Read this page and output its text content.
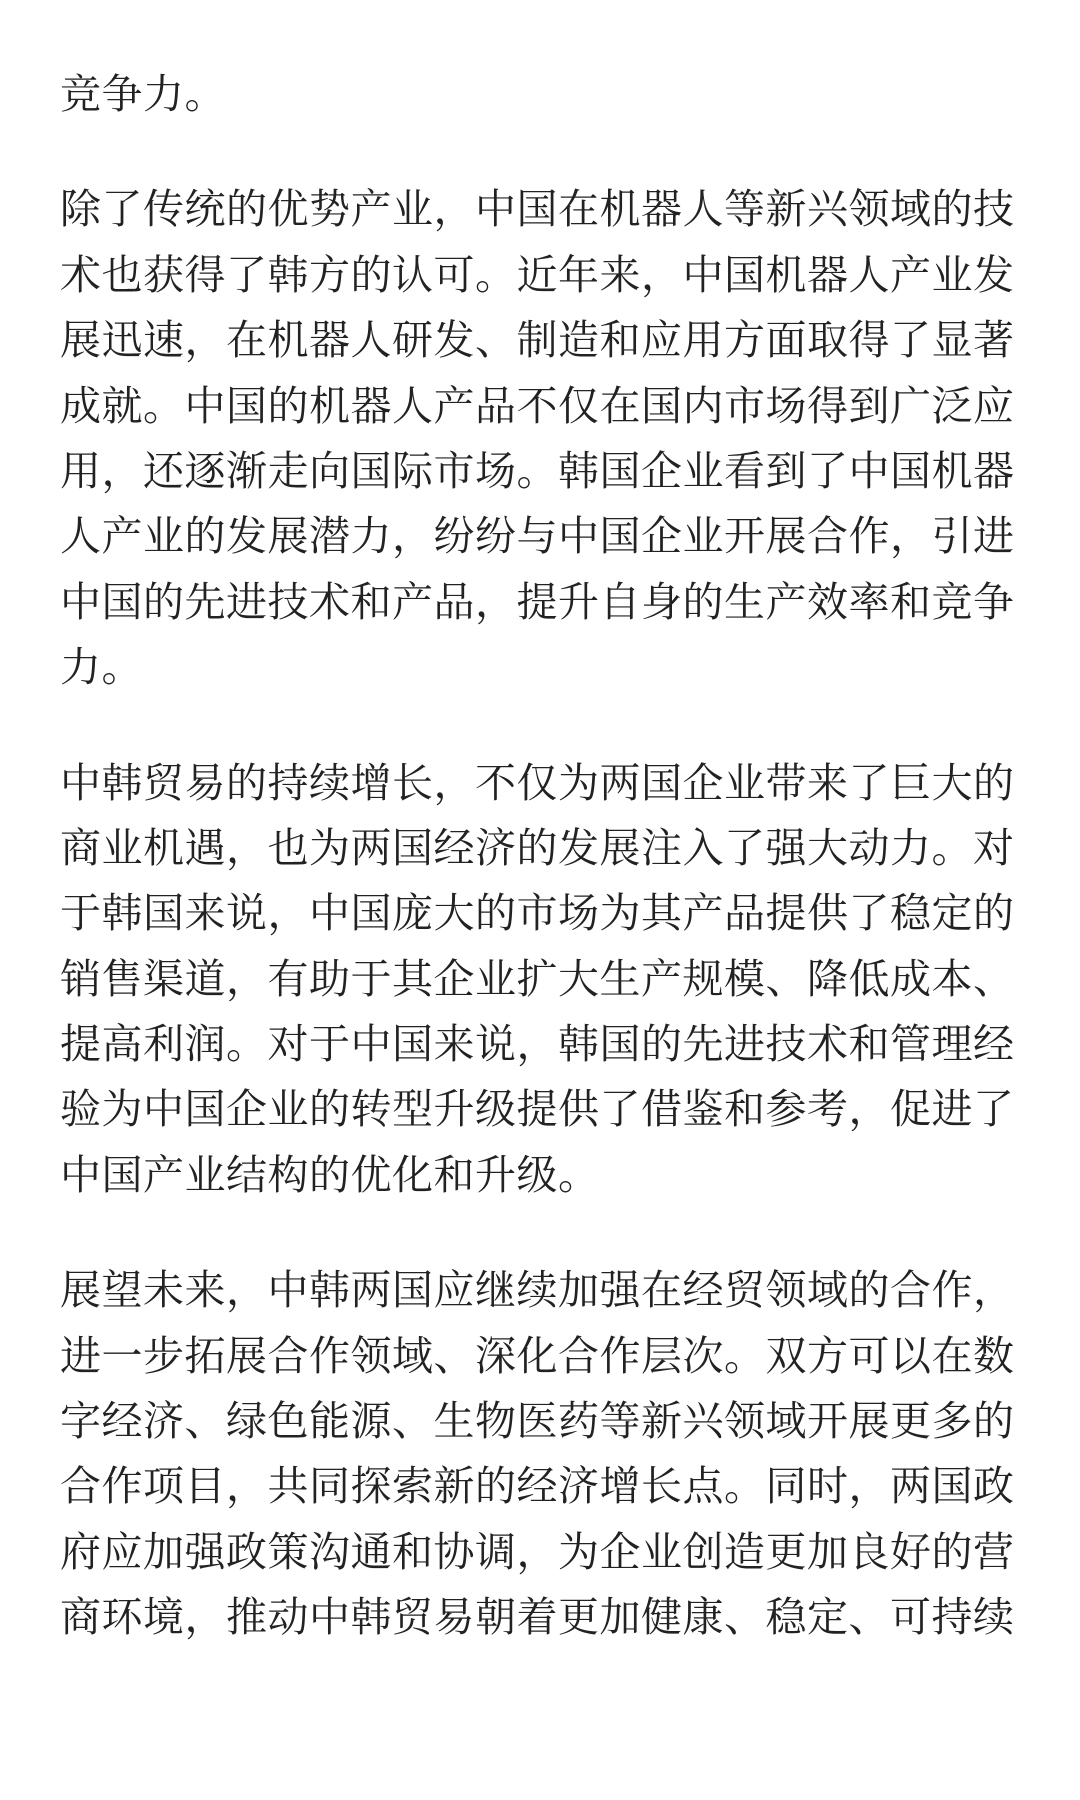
竞争力。

除了传统的优势产业，中国在机器人等新兴领域的技术也获得了韩方的认可。近年来，中国机器人产业发展迅速，在机器人研发、制造和应用方面取得了显著成就。中国的机器人产品不仅在国内市场得到广泛应用，还逐渐走向国际市场。韩国企业看到了中国机器人产业的发展潜力，纷纷与中国企业开展合作，引进中国的先进技术和产品，提升自身的生产效率和竞争力。

中韩贸易的持续增长，不仅为两国企业带来了巨大的商业机遇，也为两国经济的发展注入了强大动力。对于韩国来说，中国庞大的市场为其产品提供了稳定的销售渠道，有助于其企业扩大生产规模、降低成本、提高利润。对于中国来说，韩国的先进技术和管理经验为中国企业的转型升级提供了借鉴和参考，促进了中国产业结构的优化和升级。

展望未来，中韩两国应继续加强在经贸领域的合作，进一步拓展合作领域、深化合作层次。双方可以在数字经济、绿色能源、生物医药等新兴领域开展更多的合作项目，共同探索新的经济增长点。同时，两国政府应加强政策沟通和协调，为企业创造更加良好的营商环境，推动中韩贸易朝着更加健康、稳定、可持续
